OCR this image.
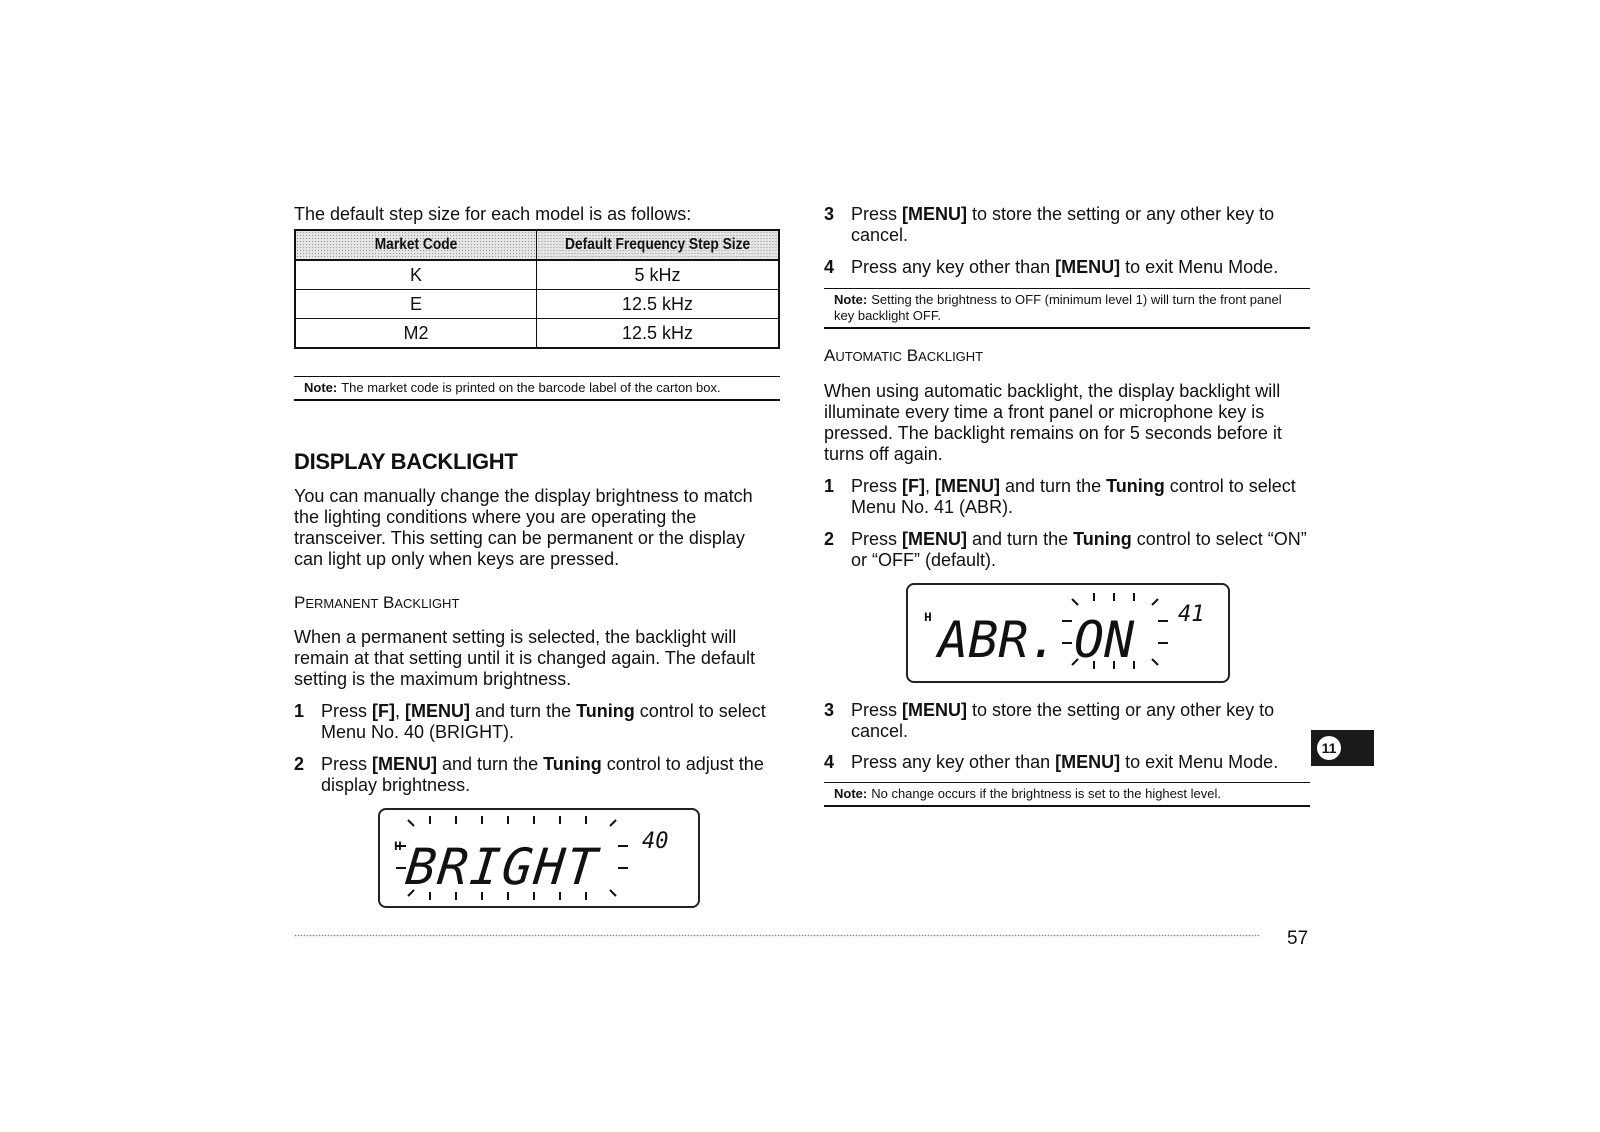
The default step size for each model is as follows:
Market Code	Default Frequency Step Size
K	5 kHz
E	12.5 kHz
M2	12.5 kHz
Note: The market code is printed on the barcode label of the carton box.
DISPLAY BACKLIGHT
You can manually change the display brightness to match the lighting conditions where you are operating the transceiver. This setting can be permanent or the display can light up only when keys are pressed.
PERMANENT BACKLIGHT
When a permanent setting is selected, the backlight will remain at that setting until it is changed again. The default setting is the maximum brightness.
1 Press [F], [MENU] and turn the Tuning control to select Menu No. 40 (BRIGHT).
2 Press [MENU] and turn the Tuning control to adjust the display brightness.
H BRIGHT 40
3 Press [MENU] to store the setting or any other key to cancel.
4 Press any key other than [MENU] to exit Menu Mode.
Note: Setting the brightness to OFF (minimum level 1) will turn the front panel key backlight OFF.
AUTOMATIC BACKLIGHT
When using automatic backlight, the display backlight will illuminate every time a front panel or microphone key is pressed. The backlight remains on for 5 seconds before it turns off again.
1 Press [F], [MENU] and turn the Tuning control to select Menu No. 41 (ABR).
2 Press [MENU] and turn the Tuning control to select “ON” or “OFF” (default).
H ABR. ON 41
3 Press [MENU] to store the setting or any other key to cancel.
4 Press any key other than [MENU] to exit Menu Mode.
Note: No change occurs if the brightness is set to the highest level.
11
57
